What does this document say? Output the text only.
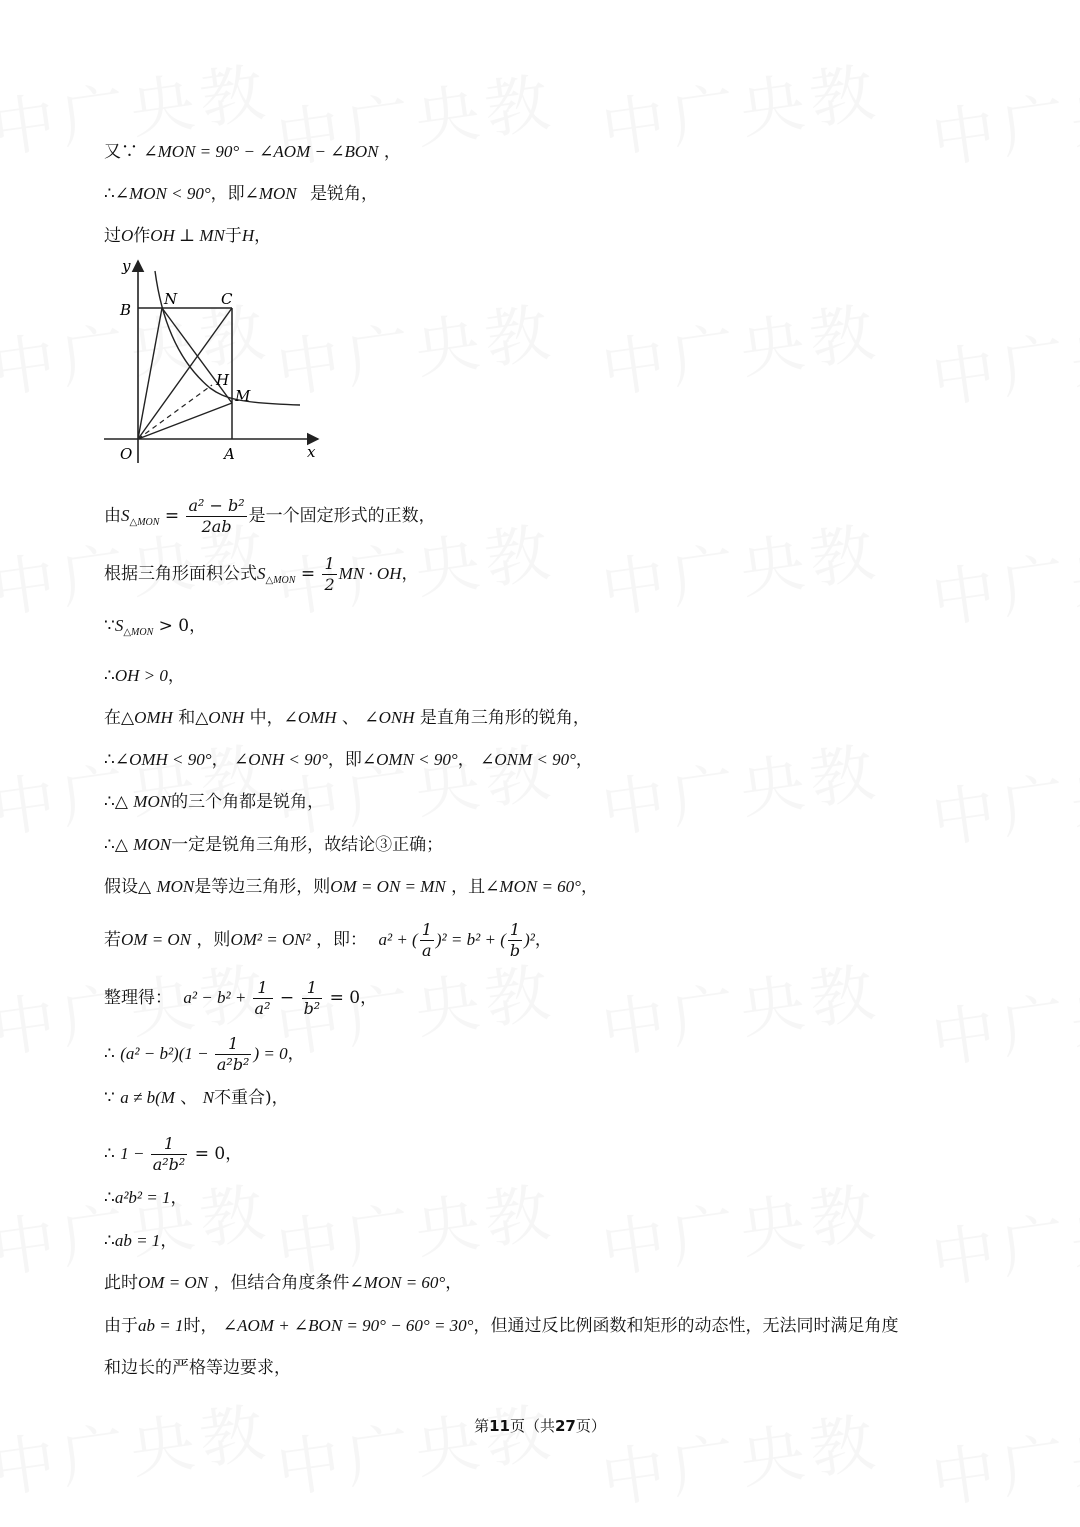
又∵ ∠MON = 90° − ∠AOM − ∠BON ，
∴∠MON < 90°，即∠MON 是锐角，
过O作OH ⊥ MN于H，
y
x
O	A
B
C
N
M
H
由$S_{\triangle MON} = \frac{\text{a² − b²}}{2ab}$ 是一个固定形式的正数，
根据三角形面积公式$S_{\triangle MON} = \frac{1}{2}$ MN · OH，
$\because S_{\triangle MON} > 0$，
∴OH > 0，
在△OMH 和△ONH 中，∠OMH 、 ∠ONH 是直角三角形的锐角，
∴∠OMH < 90°， ∠ONH < 90°，即∠OMN < 90°， ∠ONM < 90°，
∴△ MON的三个角都是锐角，
∴△ MON一定是锐角三角形，故结论③正确；
假设△ MON是等边三角形，则OM = ON = MN ，且∠MON = 60°，
若OM = ON ，则OM² = ON² ，即： a² + ( $\frac{1}{a} )^2 = b^2$ + ( $\frac{1}{b} )^2$，
整理得： $a^2 - b^2 + \frac{1}{\text{a²}} - \frac{1}{\text{b²}} = 0$，
∴ $(a^2 - b^2)(1 - \frac{1}{\text{a²b²}}$ ) = 0，
∵ a ≠ b(M 、 N不重合)，
∴ $1 - \frac{1}{\text{a²b²}} = 0$，
∴a²b² = 1，
∴ab = 1，
此时OM = ON ，但结合角度条件∠MON = 60°，
由于ab = 1时， ∠AOM + ∠BON = 90° − 60° = 30°，但通过反比例函数和矩形的动态性，无法同时满足角度
和边长的严格等边要求，
第11页（共27页）
